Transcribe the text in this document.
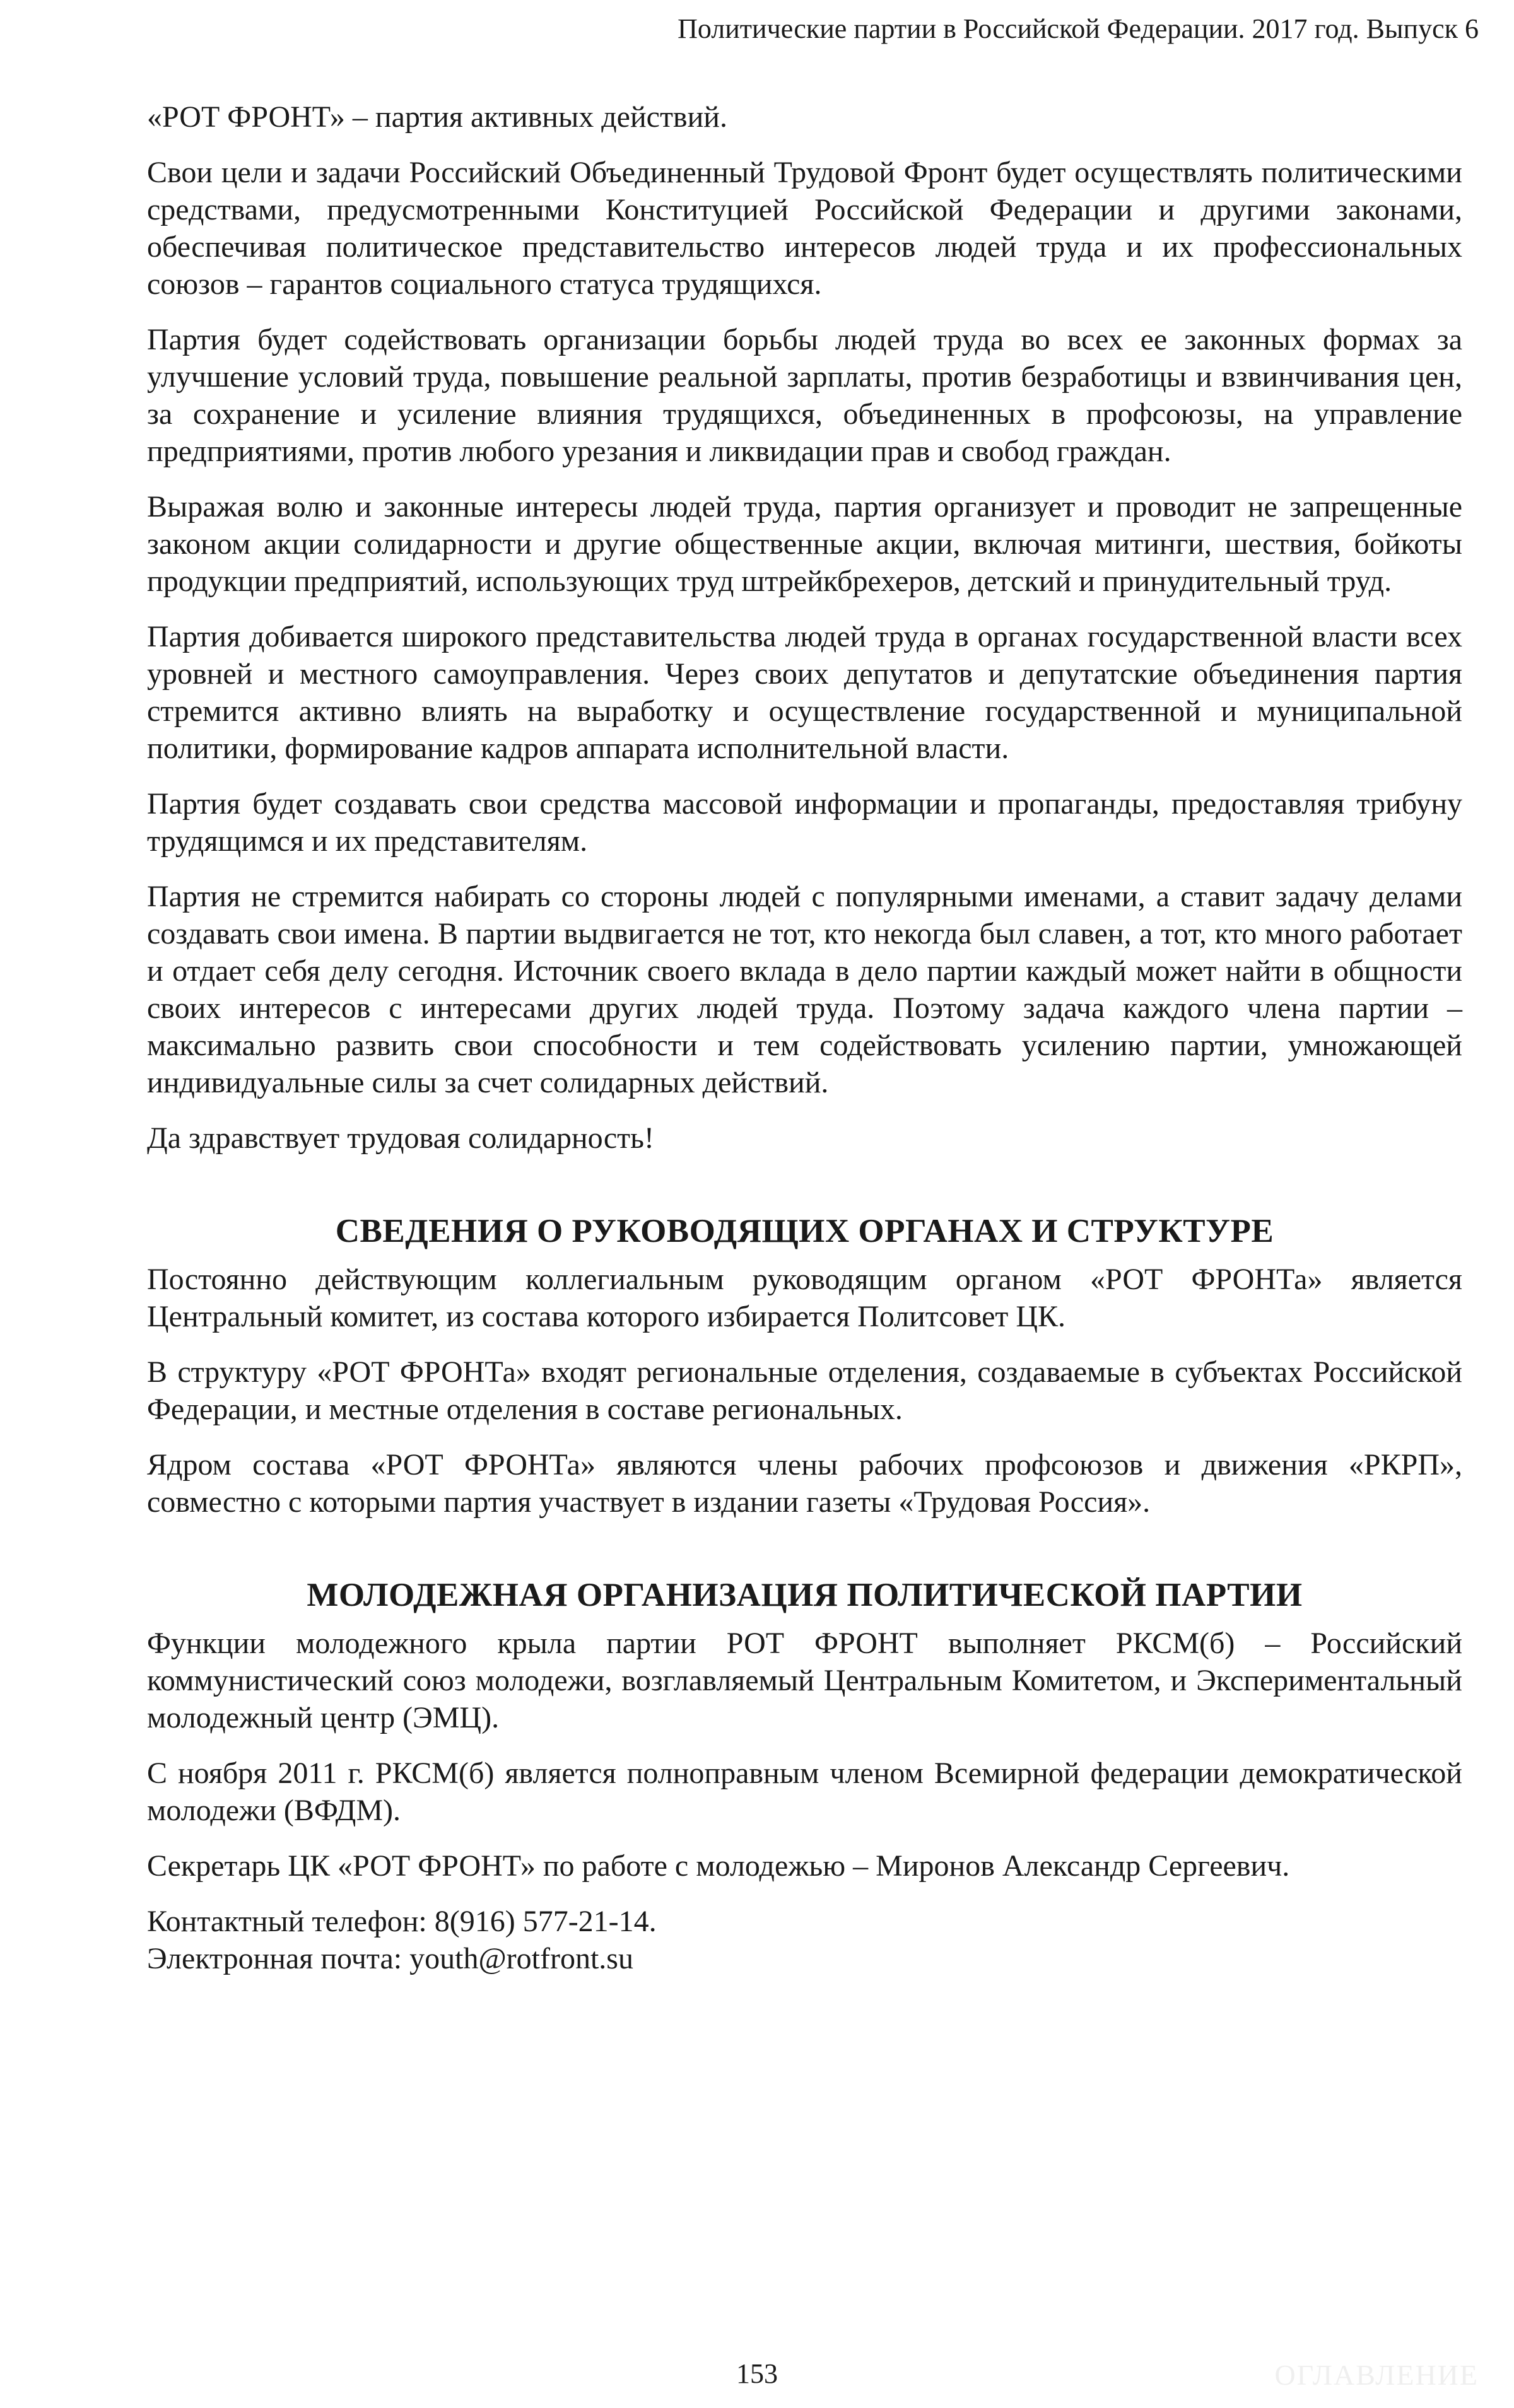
Политические партии в Российской Федерации. 2017 год. Выпуск 6

«РОТ ФРОНТ» – партия активных действий.

Свои цели и задачи Российский Объединенный Трудовой Фронт будет осуществлять политическими средствами, предусмотренными Конституцией Российской Федерации и другими законами, обеспечивая политическое представительство интересов людей труда и их профессиональных союзов – гарантов социального статуса трудящихся.

Партия будет содействовать организации борьбы людей труда во всех ее законных формах за улучшение условий труда, повышение реальной зарплаты, против безработицы и взвинчивания цен, за сохранение и усиление влияния трудящихся, объединенных в профсоюзы, на управление предприятиями, против любого урезания и ликвидации прав и свобод граждан.

Выражая волю и законные интересы людей труда, партия организует и проводит не запрещенные законом акции солидарности и другие общественные акции, включая митинги, шествия, бойкоты продукции предприятий, использующих труд штрейкбрехеров, детский и принудительный труд.

Партия добивается широкого представительства людей труда в органах государственной власти всех уровней и местного самоуправления. Через своих депутатов и депутатские объединения партия стремится активно влиять на выработку и осуществление государственной и муниципальной политики, формирование кадров аппарата исполнительной власти.

Партия будет создавать свои средства массовой информации и пропаганды, предоставляя трибуну трудящимся и их представителям.

Партия не стремится набирать со стороны людей с популярными именами, а ставит задачу делами создавать свои имена. В партии выдвигается не тот, кто некогда был славен, а тот, кто много работает и отдает себя делу сегодня. Источник своего вклада в дело партии каждый может найти в общности своих интересов с интересами других людей труда. Поэтому задача каждого члена партии – максимально развить свои способности и тем содействовать усилению партии, умножающей индивидуальные силы за счет солидарных действий.

Да здравствует трудовая солидарность!

СВЕДЕНИЯ О РУКОВОДЯЩИХ ОРГАНАХ И СТРУКТУРЕ

Постоянно действующим коллегиальным руководящим органом «РОТ ФРОНТа» является Центральный комитет, из состава которого избирается Политсовет ЦК.

В структуру «РОТ ФРОНТа» входят региональные отделения, создаваемые в субъектах Российской Федерации, и местные отделения в составе региональных.

Ядром состава «РОТ ФРОНТа» являются члены рабочих профсоюзов и движения «РКРП», совместно с которыми партия участвует в издании газеты «Трудовая Россия».

МОЛОДЕЖНАЯ ОРГАНИЗАЦИЯ ПОЛИТИЧЕСКОЙ ПАРТИИ

Функции молодежного крыла партии РОТ ФРОНТ выполняет РКСМ(б) – Российский коммунистический союз молодежи, возглавляемый Центральным Комитетом, и Экспериментальный молодежный центр (ЭМЦ).

С ноября 2011 г. РКСМ(б) является полноправным членом Всемирной федерации демократической молодежи (ВФДМ).

Секретарь ЦК «РОТ ФРОНТ» по работе с молодежью – Миронов Александр Сергеевич.

Контактный телефон: 8(916) 577-21-14.

Электронная почта: youth@rotfront.su

153	ОГЛАВЛЕНИЕ
